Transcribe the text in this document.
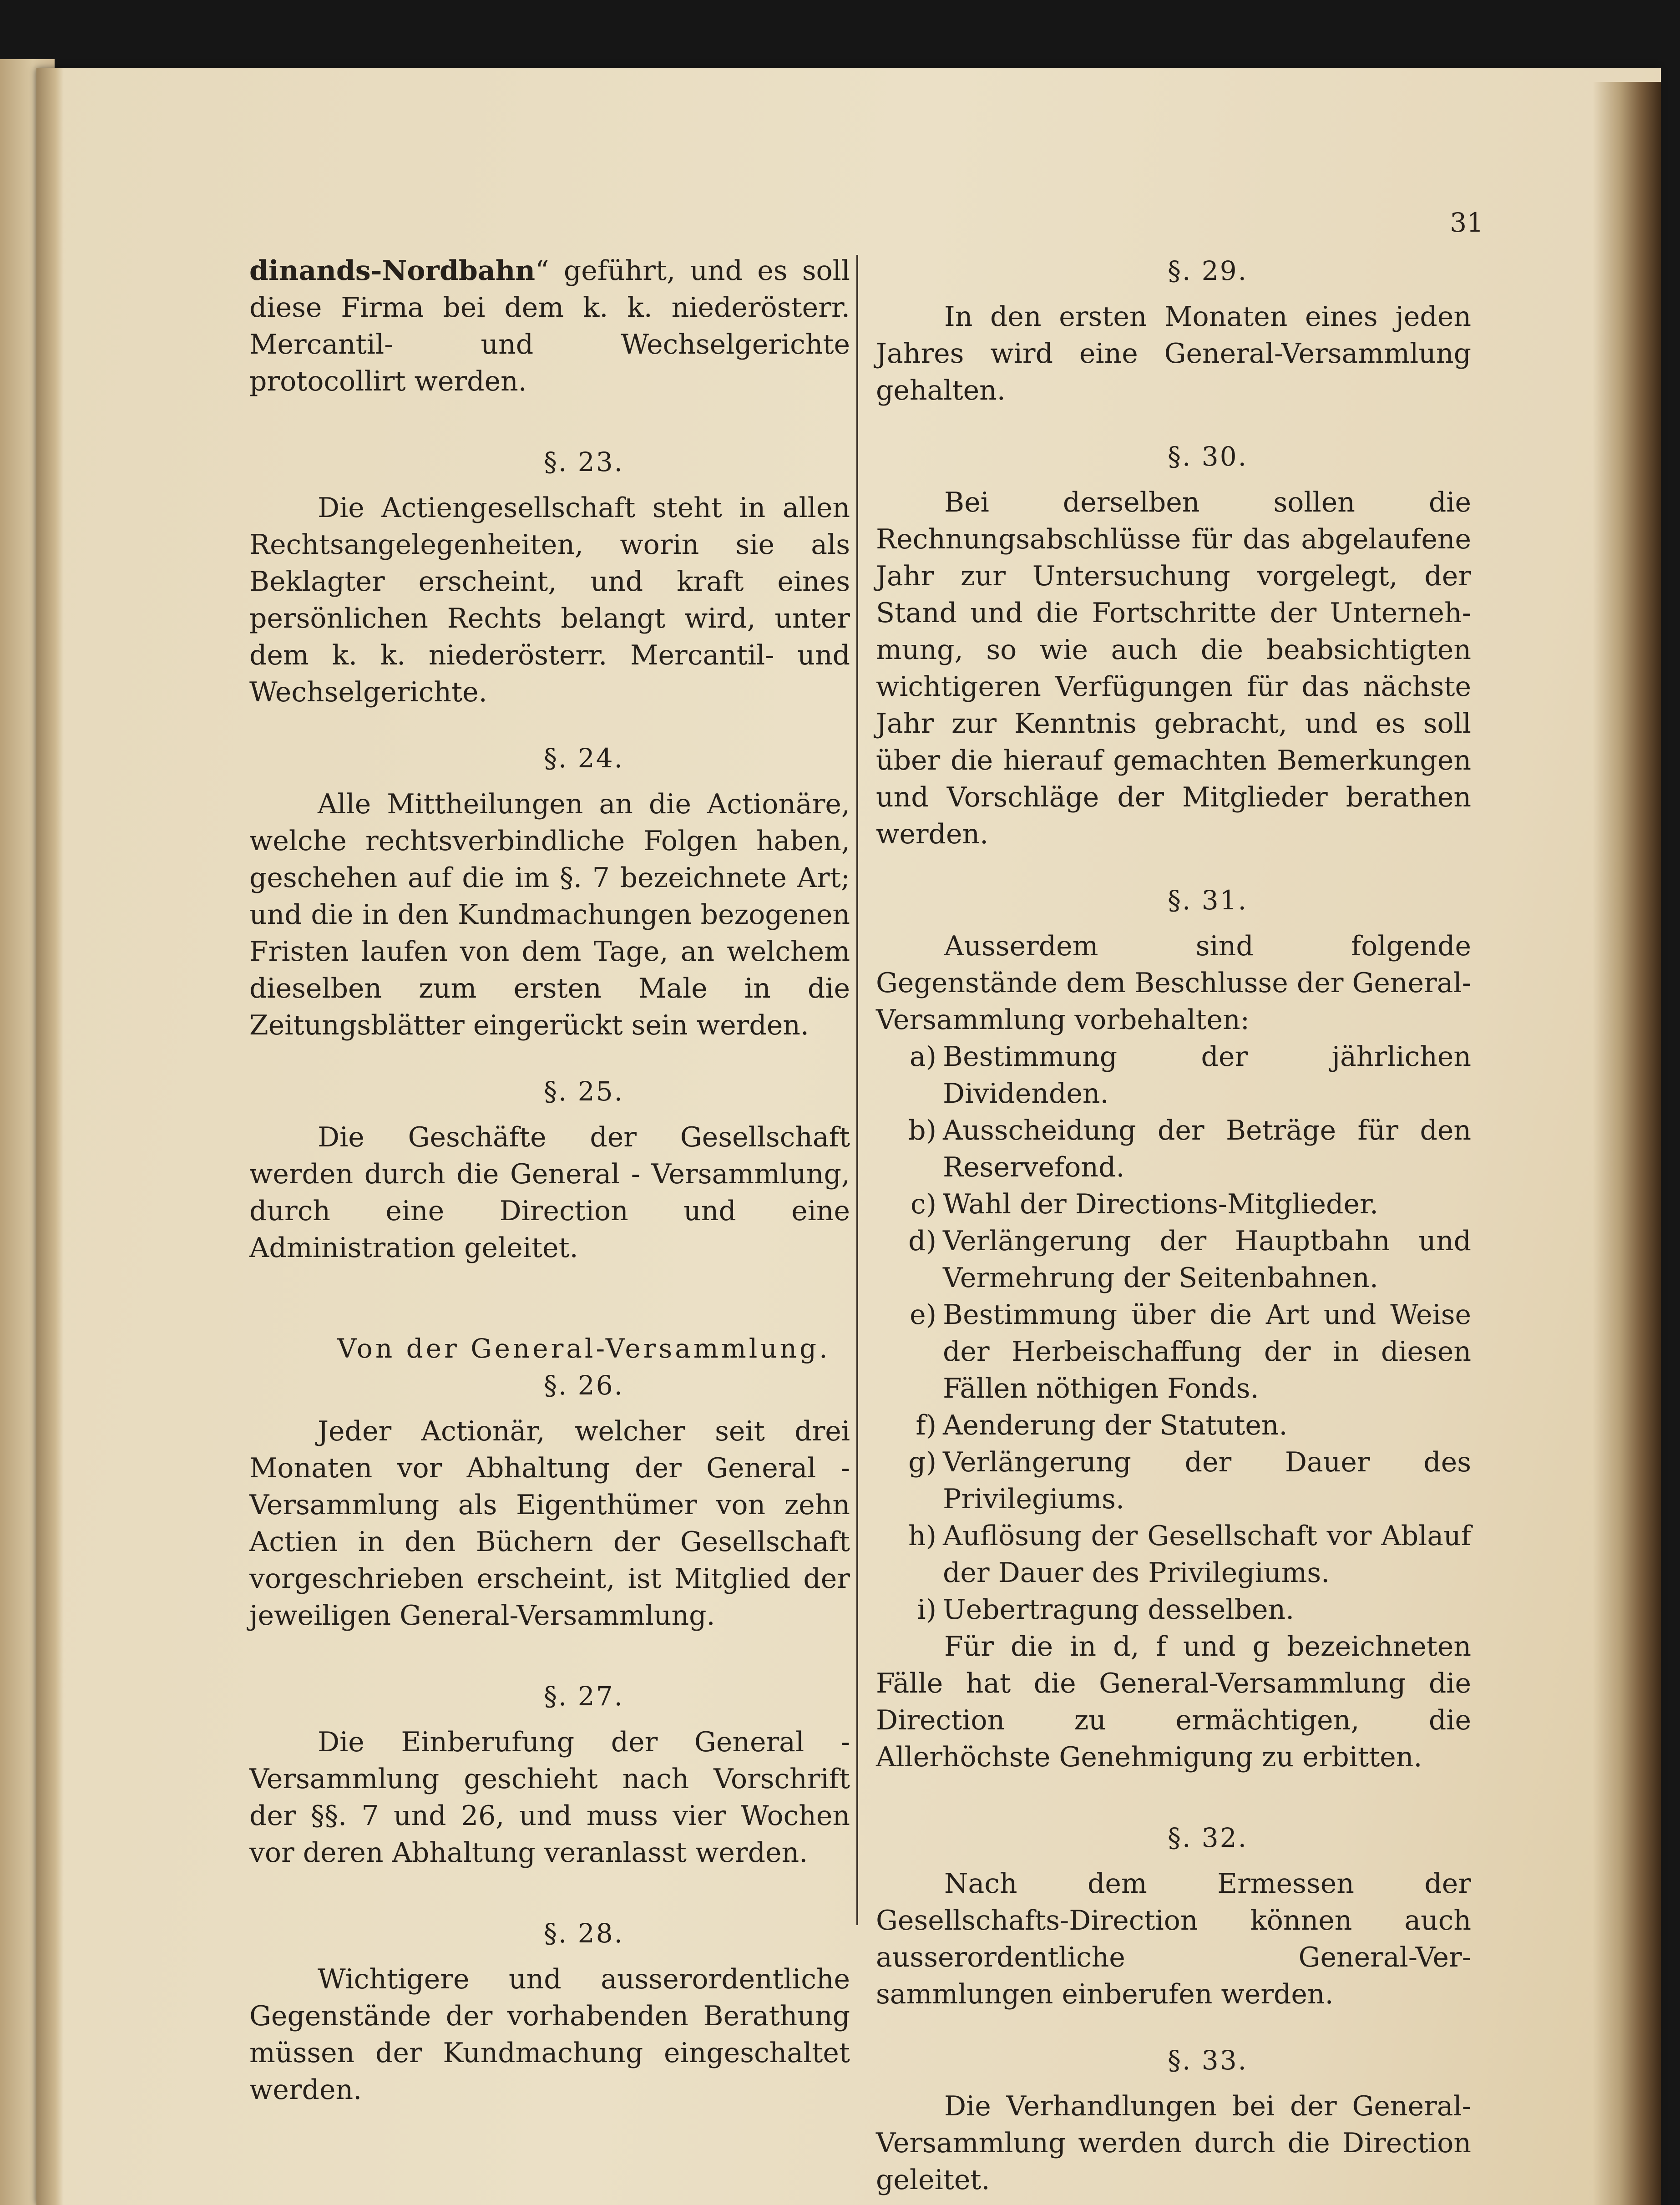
31

dinands-Nordbahn“ geführt, und es soll diese Firma bei dem k. k. niederösterr. Mercantil- und Wechselgerichte protocollirt werden.

§. 23.

Die Actiengesellschaft steht in allen Rechtsangelegenheiten, worin sie als Beklagter erscheint, und kraft eines persönlichen Rechts belangt wird, unter dem k. k. niederösterr. Mercantil- und Wechselgerichte.

§. 24.

Alle Mittheilungen an die Actionäre, welche rechtsverbindliche Folgen haben, geschehen auf die im §. 7 bezeichnete Art; und die in den Kundmachungen bezogenen Fristen laufen von dem Tage, an welchem dieselben zum ersten Male in die Zeitungsblätter eingerückt sein werden.

§. 25.

Die Geschäfte der Gesellschaft werden durch die General - Versammlung, durch eine Direction und eine Administration geleitet.

Von der General-Versammlung.

§. 26.

Jeder Actionär, welcher seit drei Monaten vor Abhaltung der General - Versammlung als Eigenthümer von zehn Actien in den Büchern der Gesellschaft vorgeschrieben erscheint, ist Mitglied der jeweiligen General-Versammlung.

§. 27.

Die Einberufung der General - Versammlung geschieht nach Vorschrift der §§. 7 und 26, und muss vier Wochen vor deren Abhaltung veranlasst werden.

§. 28.

Wichtigere und ausserordentliche Gegenstände der vorhabenden Berathung müssen der Kundmachung eingeschaltet werden.

§. 29.

In den ersten Monaten eines jeden Jahres wird eine General-Versammlung gehalten.

§. 30.

Bei derselben sollen die Rechnungsabschlüsse für das abgelaufene Jahr zur Untersuchung vorgelegt, der Stand und die Fortschritte der Unternehmung, so wie auch die beabsichtigten wichtigeren Verfügungen für das nächste Jahr zur Kenntnis gebracht, und es soll über die hierauf gemachten Bemerkungen und Vorschläge der Mitglieder berathen werden.

§. 31.

Ausserdem sind folgende Gegenstände dem Beschlusse der General-Versammlung vorbehalten:

a) Bestimmung der jährlichen Dividenden.
b) Ausscheidung der Beträge für den Reservefond.
c) Wahl der Directions-Mitglieder.
d) Verlängerung der Hauptbahn und Vermehrung der Seitenbahnen.
e) Bestimmung über die Art und Weise der Herbeischaffung der in diesen Fällen nöthigen Fonds.
f) Aenderung der Statuten.
g) Verlängerung der Dauer des Privilegiums.
h) Auflösung der Gesellschaft vor Ablauf der Dauer des Privilegiums.
i) Uebertragung desselben.

Für die in d, f und g bezeichneten Fälle hat die General-Versammlung die Direction zu ermächtigen, die Allerhöchste Genehmigung zu erbitten.

§. 32.

Nach dem Ermessen der Gesellschafts-Direction können auch ausserordentliche General-Versammlungen einberufen werden.

§. 33.

Die Verhandlungen bei der General-Versammlung werden durch die Direction geleitet.
